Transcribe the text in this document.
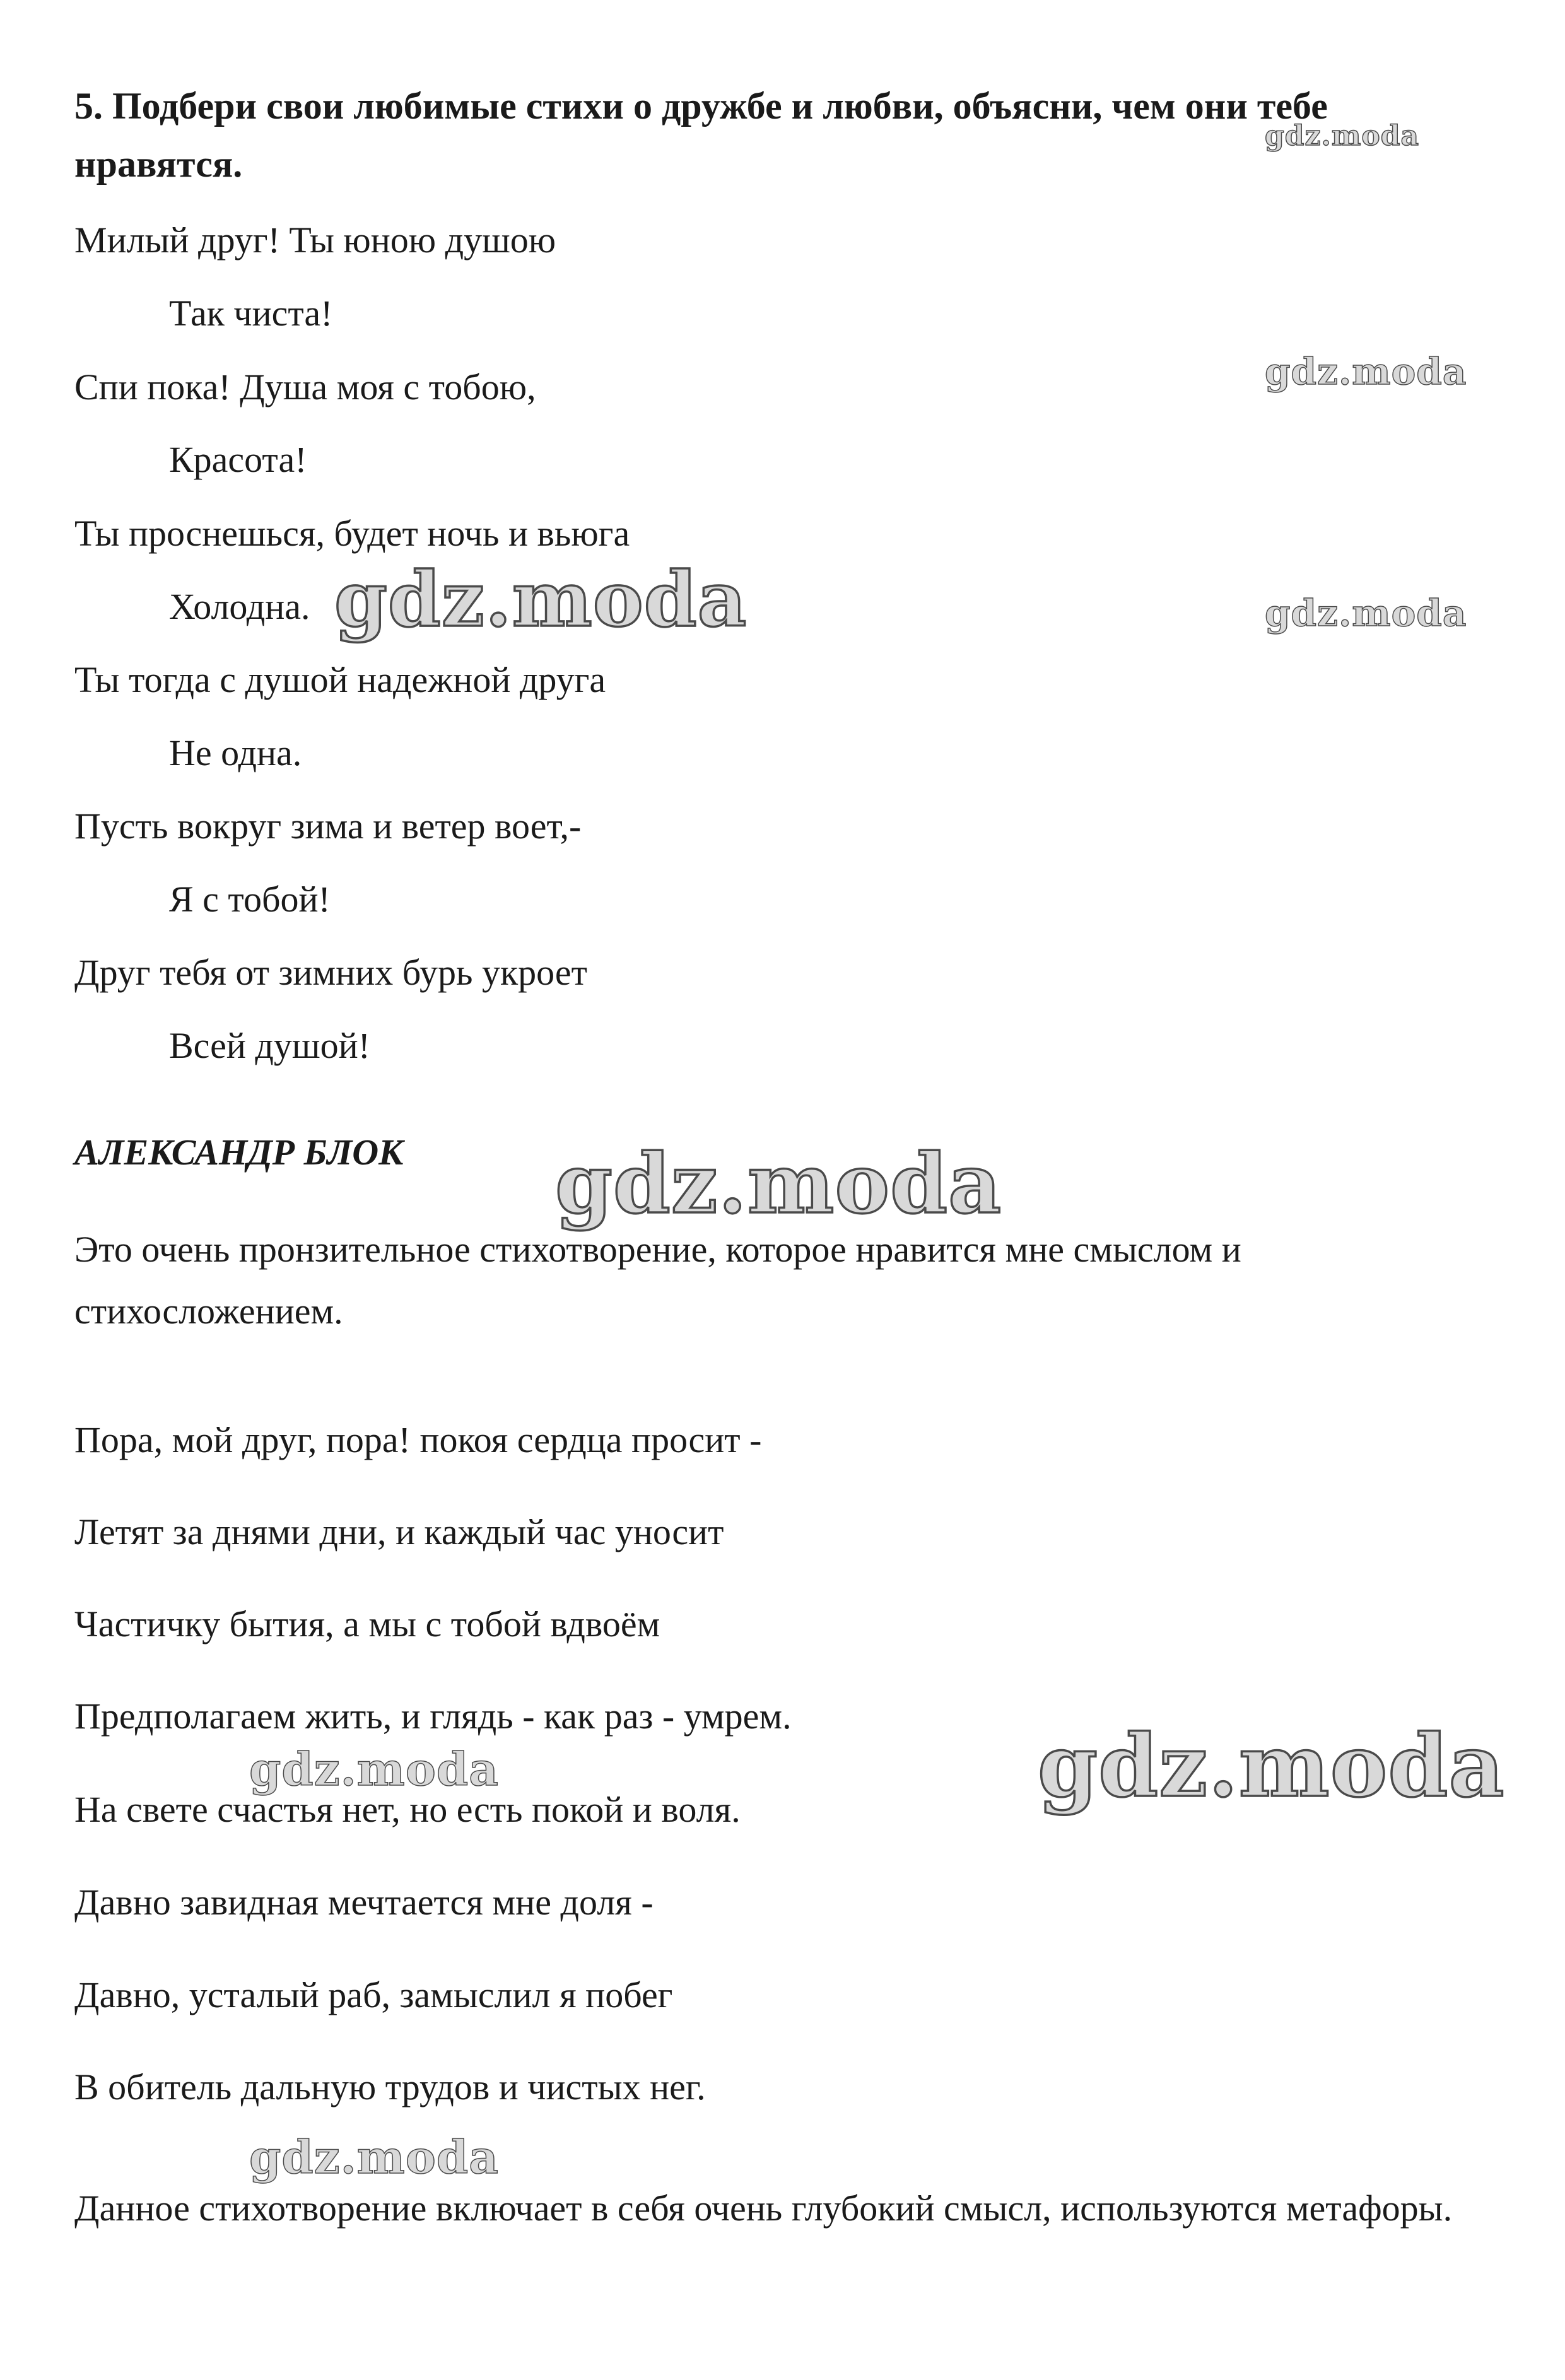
5. Подбери свои любимые стихи о дружбе и любви, объясни, чем они тебе нравятся.
Милый друг! Ты юною душою
Так чиста!
Спи пока! Душа моя с тобою,
Красота!
Ты проснешься, будет ночь и вьюга
Холодна.
Ты тогда с душой надежной друга
Не одна.
Пусть вокруг зима и ветер воет,-
Я с тобой!
Друг тебя от зимних бурь укроет
Всей душой!
АЛЕКСАНДР БЛОК
Это очень пронзительное стихотворение, которое нравится мне смыслом и стихосложением.
Пора, мой друг, пора! покоя сердца просит -
Летят за днями дни, и каждый час уносит
Частичку бытия, а мы с тобой вдвоём
Предполагаем жить, и глядь - как раз - умрем.
На свете счастья нет, но есть покой и воля.
Давно завидная мечтается мне доля -
Давно, усталый раб, замыслил я побег
В обитель дальную трудов и чистых нег.
Данное стихотворение включает в себя очень глубокий смысл, используются метафоры.
gdz.moda
gdz.moda
gdz.moda	gdz.moda
gdz.moda
gdz.moda
gdz.moda
gdz.moda
